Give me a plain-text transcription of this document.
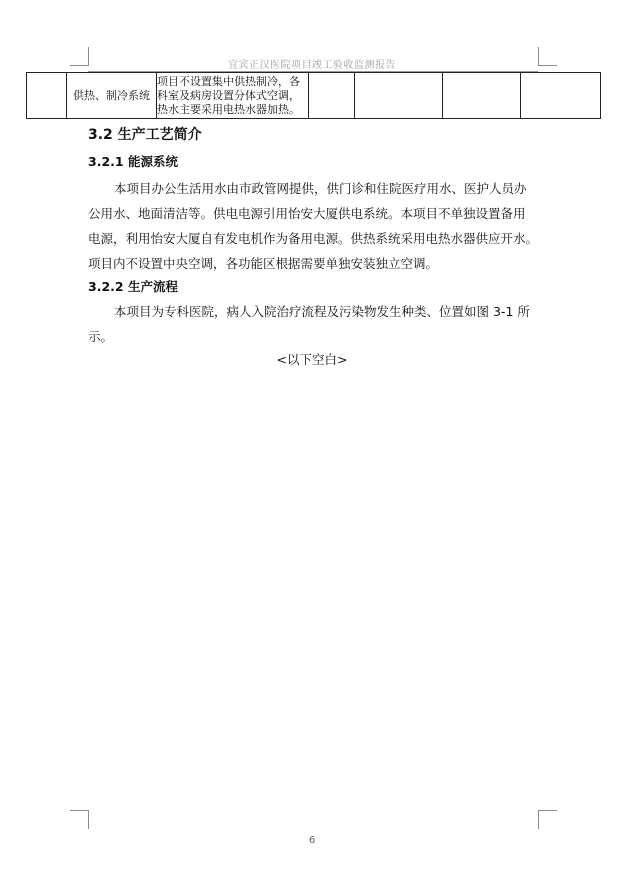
宜宾正汉医院项目竣工验收监测报告
	供热、制冷系统	项目不设置集中供热制冷，各科室及病房设置分体式空调，热水主要采用电热水器加热。				
3.2 生产工艺简介
3.2.1 能源系统
本项目办公生活用水由市政管网提供，供门诊和住院医疗用水、医护人员办
公用水、地面清洁等。供电电源引用怡安大厦供电系统。本项目不单独设置备用
电源，利用怡安大厦自有发电机作为备用电源。供热系统采用电热水器供应开水。
项目内不设置中央空调，各功能区根据需要单独安装独立空调。
3.2.2 生产流程
本项目为专科医院，病人入院治疗流程及污染物发生种类、位置如图 3-1 所
示。
<以下空白>
6
